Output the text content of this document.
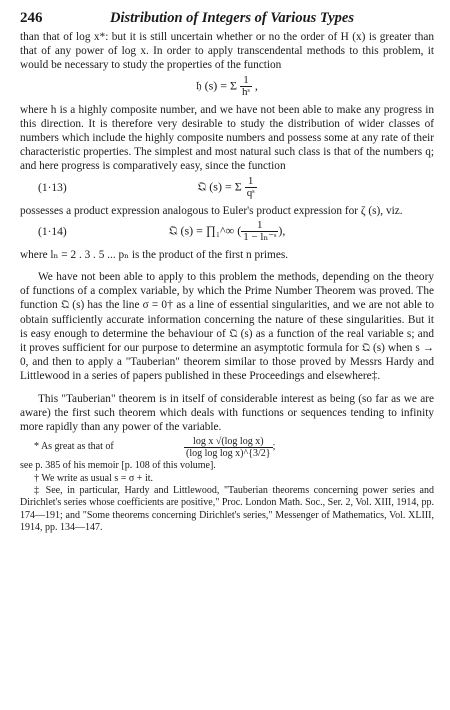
246	Distribution of Integers of Various Types

than that of log x*: but it is still uncertain whether or no the order of H (x) is greater than that of any power of log x. In order to apply transcendental methods to this problem, it would be necessary to study the properties of the function

𝔥 (s) = Σ $\frac{1}{\text{hˢ}}$ ,

where h is a highly composite number, and we have not been able to make any progress in this direction. It is therefore very desirable to study the distribution of wider classes of numbers which include the highly composite numbers and possess some at any rate of their characteristic properties. The simplest and most natural such class is that of the numbers q; and here progress is comparatively easy, since the function

(1·13)	𝔔 (s) = Σ $\frac{1}{\text{qˢ}}$

possesses a product expression analogous to Euler's product expression for ζ (s), viz.

(1·14)	𝔔 (s) = ∏₁^∞ ( $\frac{1}{\text{1 − lₙ⁻ˢ}}$ ),

where lₙ = 2 . 3 . 5 ... pₙ is the product of the first n primes.

We have not been able to apply to this problem the methods, depending on the theory of functions of a complex variable, by which the Prime Number Theorem was proved. The function 𝔔 (s) has the line σ = 0† as a line of essential singularities, and we are not able to obtain sufficiently accurate information concerning the nature of these singularities. But it is easy enough to determine the behaviour of 𝔔 (s) as a function of the real variable s; and it proves sufficient for our purpose to determine an asymptotic formula for 𝔔 (s) when s → 0, and then to apply a "Tauberian" theorem similar to those proved by Messrs Hardy and Littlewood in a series of papers published in these Proceedings and elsewhere‡.

This "Tauberian" theorem is in itself of considerable interest as being (so far as we are aware) the first such theorem which deals with functions or sequences tending to infinity more rapidly than any power of the variable.

* As great as that of	$\frac{\text{log x √(log log x)}}{\text{(log log log x)\textasciicircum{}\{3/2\}}}$ ;

see p. 385 of his memoir [p. 108 of this volume].

† We write as usual s = σ + it.

‡ See, in particular, Hardy and Littlewood, "Tauberian theorems concerning power series and Dirichlet's series whose coefficients are positive," Proc. London Math. Soc., Ser. 2, Vol. XIII, 1914, pp. 174—191; and "Some theorems concerning Dirichlet's series," Messenger of Mathematics, Vol. XLIII, 1914, pp. 134—147.
